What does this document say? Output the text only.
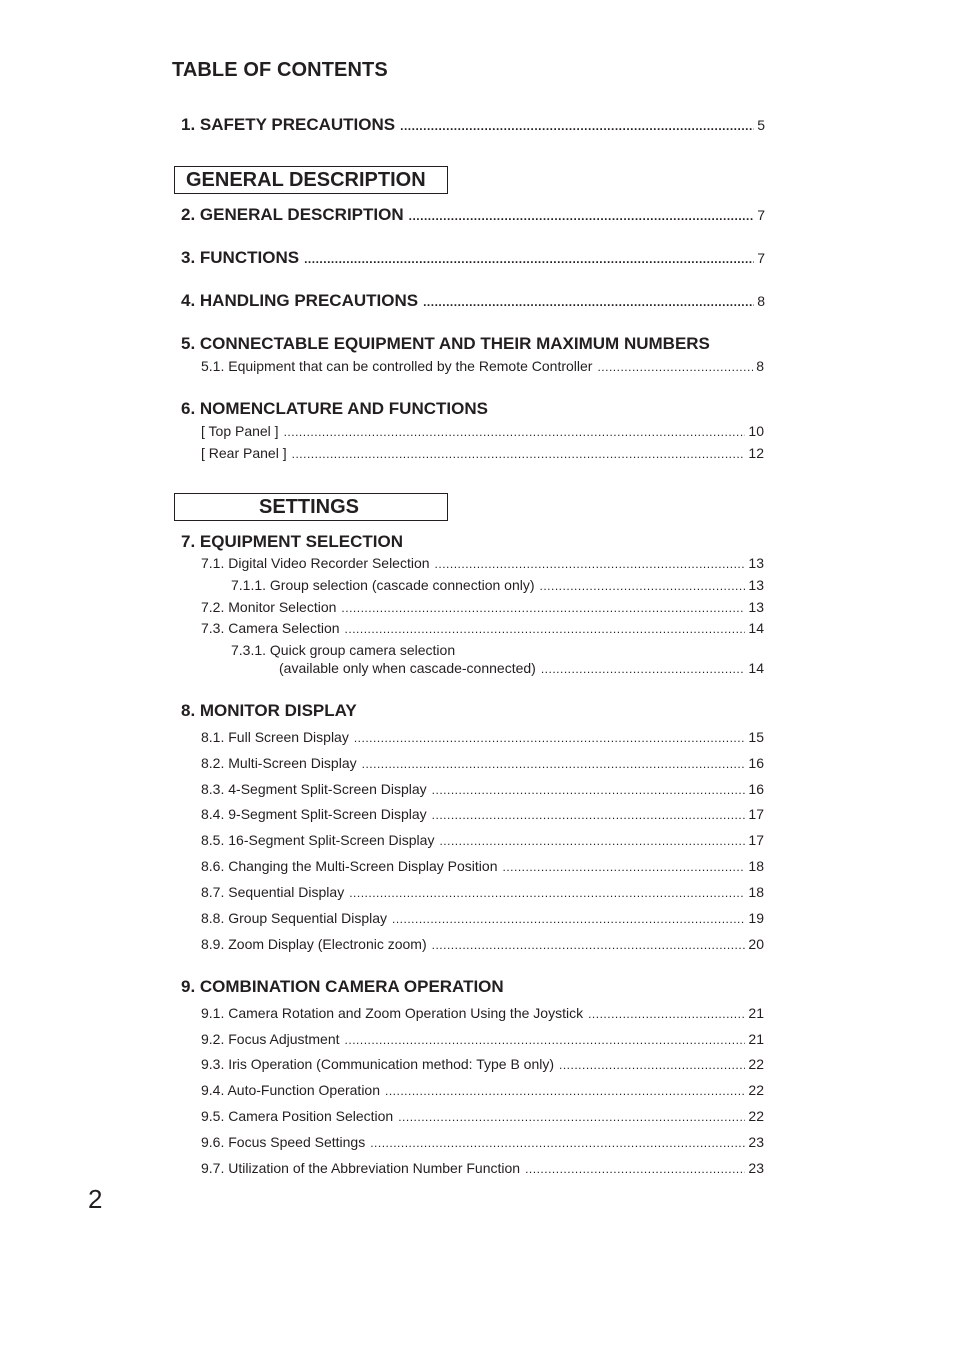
TABLE OF CONTENTS
1. SAFETY PRECAUTIONS .....	5
GENERAL DESCRIPTION
2. GENERAL DESCRIPTION .....	7
3. FUNCTIONS .....	7
4. HANDLING PRECAUTIONS .....	8
5. CONNECTABLE EQUIPMENT AND THEIR MAXIMUM NUMBERS
5.1. Equipment that can be controlled by the Remote Controller .....	8
6. NOMENCLATURE AND FUNCTIONS
[ Top Panel ] .....	10
[ Rear Panel ] .....	12
SETTINGS
7. EQUIPMENT SELECTION
7.1. Digital Video Recorder Selection .....	13
7.1.1. Group selection (cascade connection only) .....	13
7.2. Monitor Selection .....	13
7.3. Camera Selection .....	14
7.3.1. Quick group camera selection
(available only when cascade-connected) .....	14
8. MONITOR DISPLAY
8.1. Full Screen Display .....	15
8.2. Multi-Screen Display .....	16
8.3. 4-Segment Split-Screen Display .....	16
8.4. 9-Segment Split-Screen Display .....	17
8.5. 16-Segment Split-Screen Display .....	17
8.6. Changing the Multi-Screen Display Position .....	18
8.7. Sequential Display .....	18
8.8. Group Sequential Display .....	19
8.9. Zoom Display (Electronic zoom) .....	20
9. COMBINATION CAMERA OPERATION
9.1. Camera Rotation and Zoom Operation Using the Joystick .....	21
9.2. Focus Adjustment .....	21
9.3. Iris Operation (Communication method: Type B only) .....	22
9.4. Auto-Function Operation .....	22
9.5. Camera Position Selection .....	22
9.6. Focus Speed Settings .....	23
9.7. Utilization of the Abbreviation Number Function .....	23
2
